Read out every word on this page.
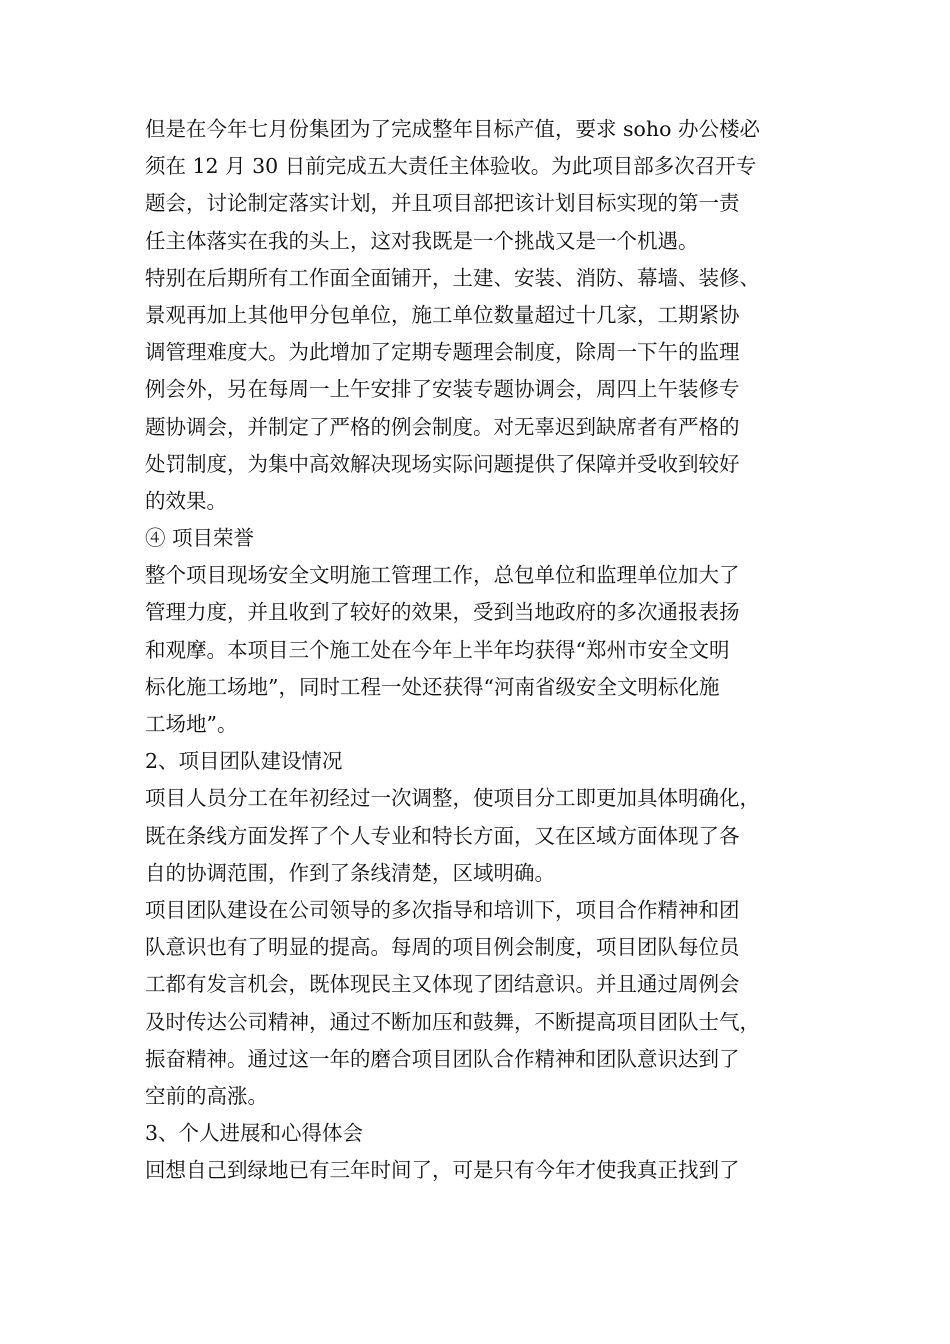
但是在今年七月份集团为了完成整年目标产值，要求 soho 办公楼必
须在 12 月 30 日前完成五大责任主体验收。为此项目部多次召开专
题会，讨论制定落实计划，并且项目部把该计划目标实现的第一责
任主体落实在我的头上，这对我既是一个挑战又是一个机遇。
特别在后期所有工作面全面铺开，土建、安装、消防、幕墙、装修、
景观再加上其他甲分包单位，施工单位数量超过十几家，工期紧协
调管理难度大。为此增加了定期专题理会制度，除周一下午的监理
例会外，另在每周一上午安排了安装专题协调会，周四上午装修专
题协调会，并制定了严格的例会制度。对无辜迟到缺席者有严格的
处罚制度，为集中高效解决现场实际问题提供了保障并受收到较好
的效果。
④ 项目荣誉
整个项目现场安全文明施工管理工作，总包单位和监理单位加大了
管理力度，并且收到了较好的效果，受到当地政府的多次通报表扬
和观摩。本项目三个施工处在今年上半年均获得“郑州市安全文明
标化施工场地”，同时工程一处还获得“河南省级安全文明标化施
工场地”。
2、项目团队建设情况
项目人员分工在年初经过一次调整，使项目分工即更加具体明确化，
既在条线方面发挥了个人专业和特长方面，又在区域方面体现了各
自的协调范围，作到了条线清楚，区域明确。
项目团队建设在公司领导的多次指导和培训下，项目合作精神和团
队意识也有了明显的提高。每周的项目例会制度，项目团队每位员
工都有发言机会，既体现民主又体现了团结意识。并且通过周例会
及时传达公司精神，通过不断加压和鼓舞，不断提高项目团队士气，
振奋精神。通过这一年的磨合项目团队合作精神和团队意识达到了
空前的高涨。
3、个人进展和心得体会
回想自己到绿地已有三年时间了，可是只有今年才使我真正找到了
